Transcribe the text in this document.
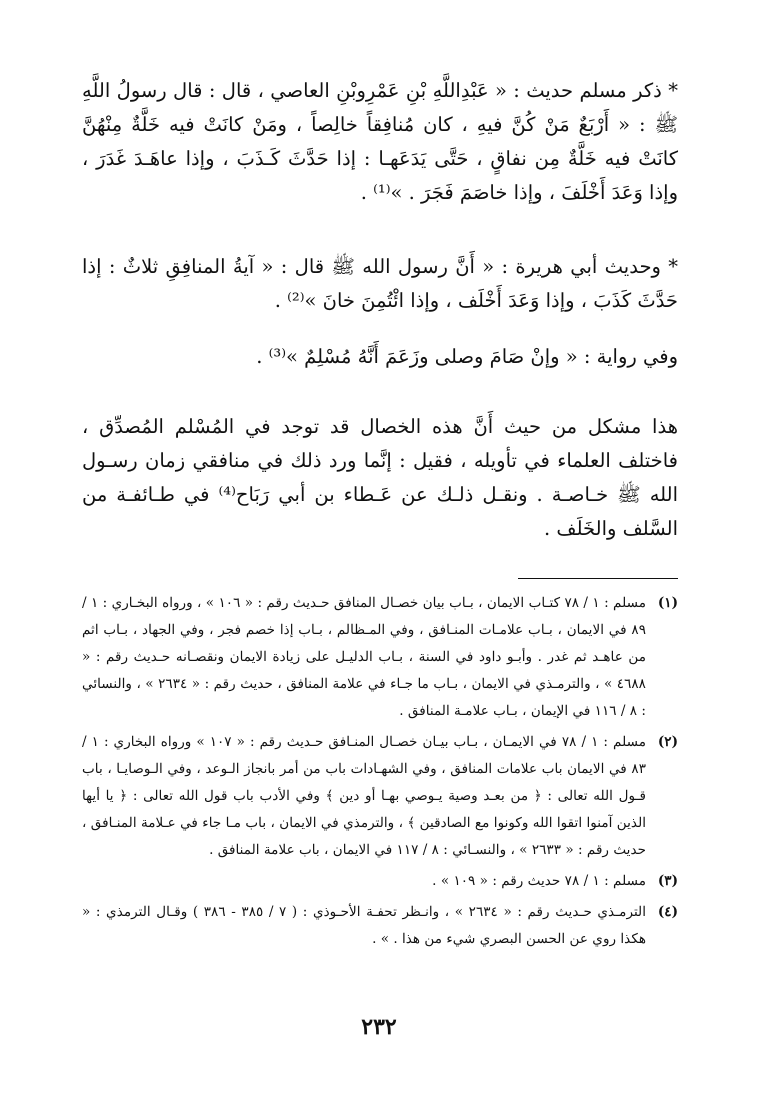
* ذكر مسلم حديث : « عَبْدِاللَّهِ بْنِ عَمْرِوبْنِ العاصي ، قال : قال رسولُ اللَّهِ ﷺ : « أَرْبَعٌ مَنْ كُنَّ فيهِ ، كان مُنافِقاً خالِصاً ، ومَنْ كانَتْ فيه خَلَّةٌ مِنْهُنَّ كانَتْ فيه خَلَّةٌ مِن نفاقٍ ، حَتَّى يَدَعَهـا : إذا حَدَّثَ كَـذَبَ ، وإذا عاهَـدَ غَدَرَ ، وإذا وَعَدَ أَخْلَفَ ، وإذا خاصَمَ فَجَرَ . »⁽¹⁾ .

* وحديث أبي هريرة : « أَنَّ رسول الله ﷺ قال : « آيةُ المنافِقِ ثلاثٌ : إذا حَدَّثَ كَذَبَ ، وإذا وَعَدَ أَخْلَف ، وإذا ائْتُمِنَ خانَ »⁽²⁾ .

وفي رواية : « وإنْ صَامَ وصلى وزَعَمَ أَنَّهُ مُسْلِمٌ »⁽³⁾ .

هذا مشكل من حيث أَنَّ هذه الخصال قد توجد في المُسْلم المُصدِّق ، فاختلف العلماء في تأويله ، فقيل : إنَّما ورد ذلك في منافقي زمان رسـول الله ﷺ خـاصـة . ونقـل ذلـك عن عَـطاء بن أبي رَبَاح⁽⁴⁾ في طـائفـة من السَّلف والخَلَف .

(١)
مسلم : ١ / ٧٨ كتـاب الايمان ، بـاب بيان خصـال المنافق حـديث رقم : « ١٠٦ » ، ورواه البخـاري : ١ / ٨٩ في الايمان ، بـاب علامـات المنـافق ، وفي المـظالم ، بـاب إذا خصم فجر ، وفي الجهاد ، بـاب اثم من عاهـد ثم غدر . وأبـو داود في السنة ، بـاب الدليـل على زيادة الايمان ونقصـانه حـديث رقم : « ٤٦٨٨ » ، والترمـذي في الايمان ، بـاب ما جـاء في علامة المنافق ، حديث رقم : « ٢٦٣٤ » ، والنسائي : ٨ / ١١٦ في الإيمان ، بـاب علامـة المنافق .
(٢)
مسلم : ١ / ٧٨ في الايمـان ، بـاب بيـان خصـال المنـافق حـديث رقم : « ١٠٧ » ورواه البخاري : ١ / ٨٣ في الايمان باب علامات المنافق ، وفي الشهـادات باب من أمر بانجاز الـوعد ، وفي الـوصايـا ، باب قـول الله تعالى : ﴿ من بعـد وصية يـوصي بهـا أو دين ﴾ وفي الأدب باب قول الله تعالى : ﴿ يا أيها الذين آمنوا اتقوا الله وكونوا مع الصادقين ﴾ ، والترمذي في الايمان ، باب مـا جاء في عـلامة المنـافق ، حديث رقم : « ٢٦٣٣ » ، والنسـائي : ٨ / ١١٧ في الايمان ، باب علامة المنافق .
(٣)
مسلم : ١ / ٧٨ حديث رقم : « ١٠٩ » .
(٤)
الترمـذي حـديث رقم : « ٢٦٣٤ » ، وانـظر تحفـة الأحـوذي : ( ٧ / ٣٨٥ - ٣٨٦ ) وقـال الترمذي : « هكذا روي عن الحسن البصري شيء من هذا . » .
٢٣٢
